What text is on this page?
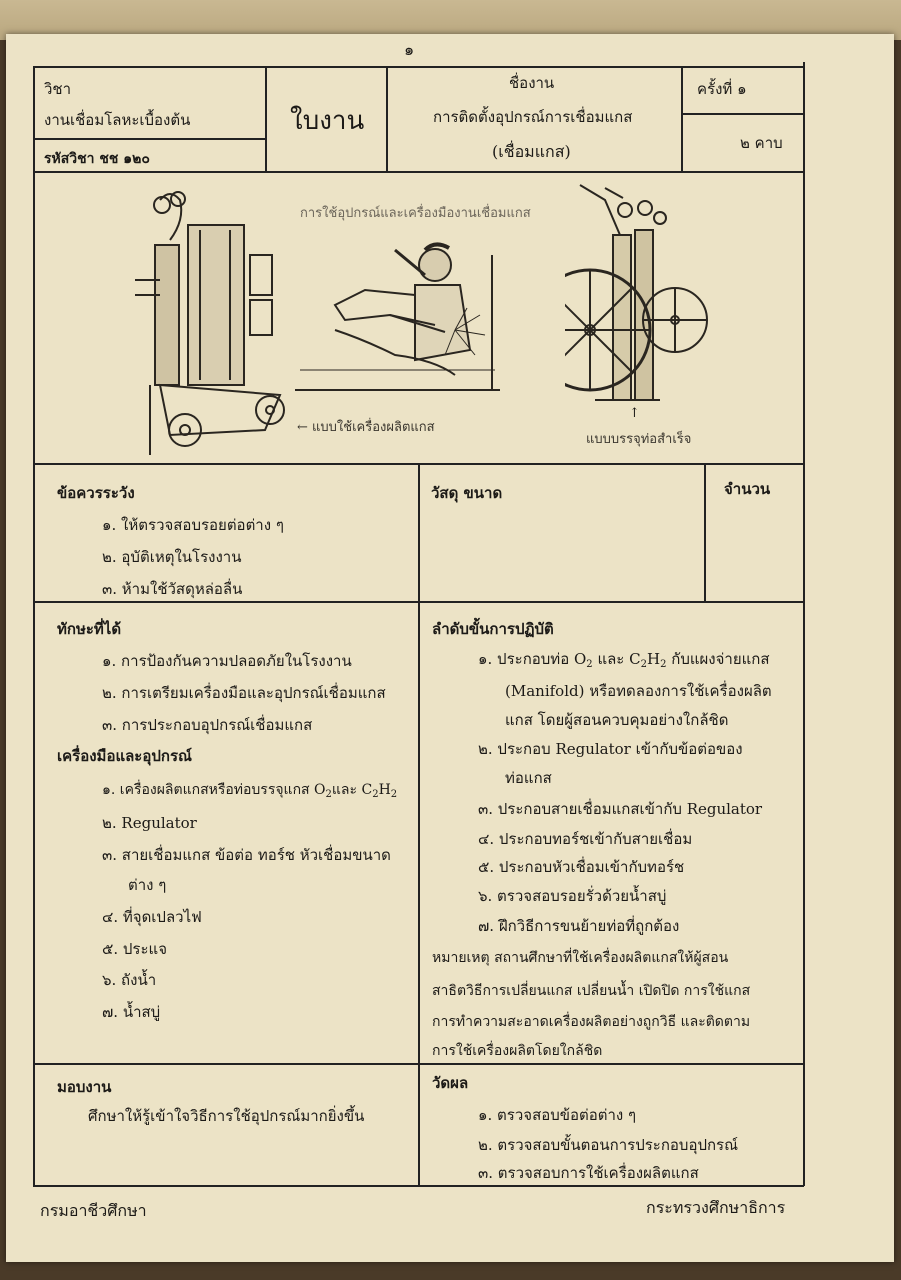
๑
วิชา
งานเชื่อมโลหะเบื้องต้น
รหัสวิชา ชช ๑๒๐
ใบงาน
ชื่องาน
การติดตั้งอุปกรณ์การเชื่อมแกส
(เชื่อมแกส)
ครั้งที่ ๑
๒ คาบ
การใช้อุปกรณ์และเครื่องมืองานเชื่อมแกส
← แบบใช้เครื่องผลิตแกส
↑
แบบบรรจุท่อสำเร็จ
ข้อควรระวัง
๑. ให้ตรวจสอบรอยต่อต่าง ๆ
๒. อุบัติเหตุในโรงงาน
๓. ห้ามใช้วัสดุหล่อลื่น
วัสดุ ขนาด	จำนวน
ทักษะที่ได้
๑. การป้องกันความปลอดภัยในโรงงาน
๒. การเตรียมเครื่องมือและอุปกรณ์เชื่อมแกส
๓. การประกอบอุปกรณ์เชื่อมแกส
เครื่องมือและอุปกรณ์
๑. เครื่องผลิตแกสหรือท่อบรรจุแกส $O_2$และ $C_2H_2$
๒. Regulator
๓. สายเชื่อมแกส ข้อต่อ ทอร์ช หัวเชื่อมขนาด
ต่าง ๆ
๔. ที่จุดเปลวไฟ
๕. ประแจ
๖. ถังน้ำ
๗. น้ำสบู่
ลำดับขั้นการปฏิบัติ
๑. ประกอบท่อ $O_2$ และ $C_2H_2$ กับแผงจ่ายแกส
(Manifold) หรือทดลองการใช้เครื่องผลิต
แกส โดยผู้สอนควบคุมอย่างใกล้ชิด
๒. ประกอบ Regulator เข้ากับข้อต่อของ
ท่อแกส
๓. ประกอบสายเชื่อมแกสเข้ากับ Regulator
๔. ประกอบทอร์ชเข้ากับสายเชื่อม
๕. ประกอบหัวเชื่อมเข้ากับทอร์ช
๖. ตรวจสอบรอยรั่วด้วยน้ำสบู่
๗. ฝึกวิธีการขนย้ายท่อที่ถูกต้อง
หมายเหตุ สถานศึกษาที่ใช้เครื่องผลิตแกสให้ผู้สอน
สาธิตวิธีการเปลี่ยนแกส เปลี่ยนน้ำ เปิดปิด การใช้แกส
การทำความสะอาดเครื่องผลิตอย่างถูกวิธี และติดตาม
การใช้เครื่องผลิตโดยใกล้ชิด
มอบงาน
ศึกษาให้รู้เข้าใจวิธีการใช้อุปกรณ์มากยิ่งขึ้น
วัดผล
๑. ตรวจสอบข้อต่อต่าง ๆ
๒. ตรวจสอบขั้นตอนการประกอบอุปกรณ์
๓. ตรวจสอบการใช้เครื่องผลิตแกส
กรมอาชีวศึกษา	กระทรวงศึกษาธิการ
